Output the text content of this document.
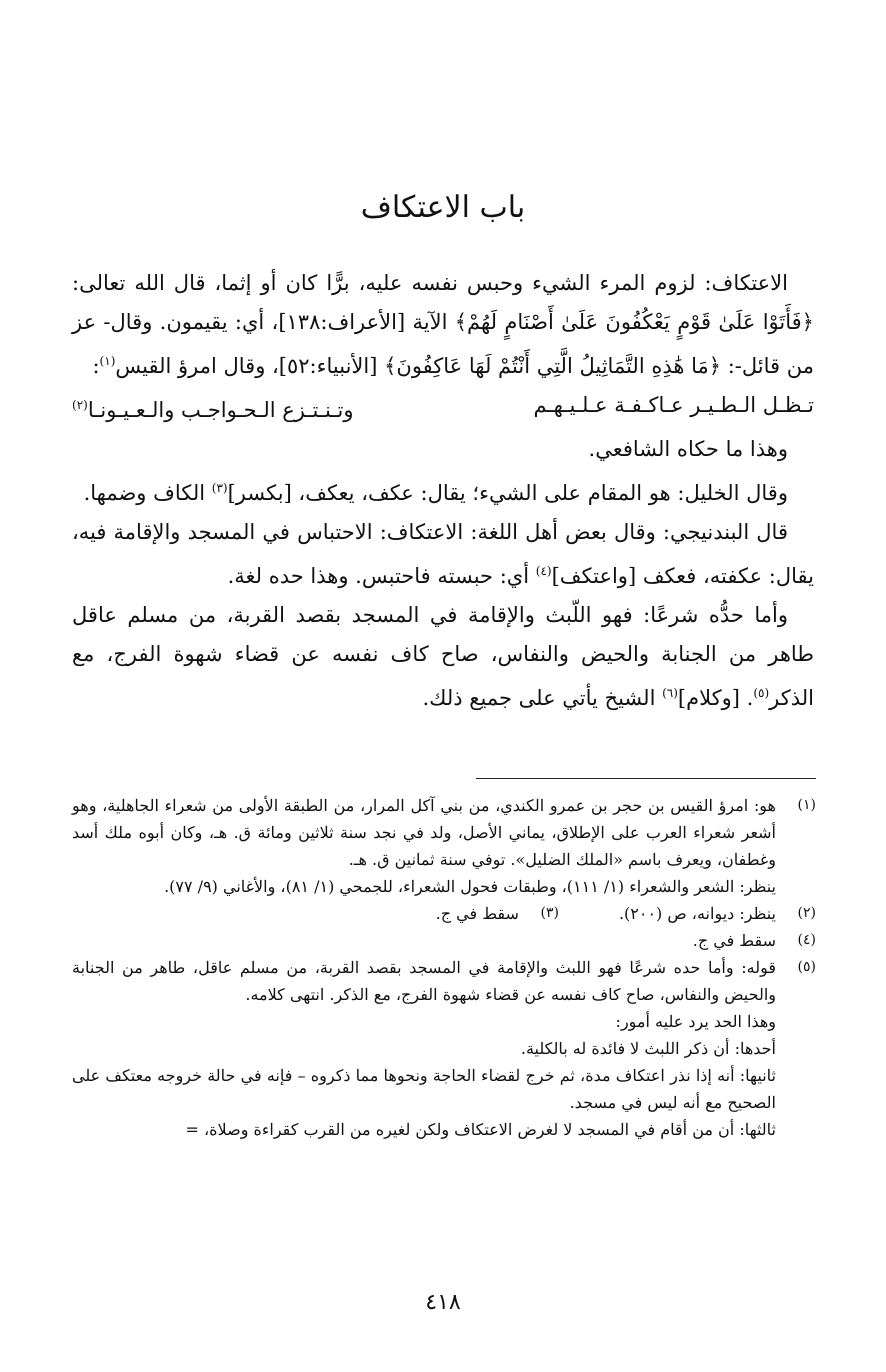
باب الاعتكاف

الاعتكاف: لزوم المرء الشيء وحبس نفسه عليه، برًّا كان أو إثما، قال الله تعالى: ﴿فَأَتَوْا عَلَىٰ قَوْمٍ يَعْكُفُونَ عَلَىٰ أَصْنَامٍ لَهُمْ﴾ الآية [الأعراف:١٣٨]، أي: يقيمون. وقال- عز من قائل-: ﴿مَا هَٰذِهِ التَّمَاثِيلُ الَّتِي أَنْتُمْ لَهَا عَاكِفُونَ﴾ [الأنبياء:٥٢]، وقال امرؤ القيس$^{(١)}$:

تـظـل الـطـيـر عـاكـفـة عـلـيـهـم
وتـنـتـزع الـحـواجـب والـعـيـونـا(٢)

وهذا ما حكاه الشافعي.

وقال الخليل: هو المقام على الشيء؛ يقال: عكف، يعكف، [بكسر]$^{(٣)}$ الكاف وضمها.

قال البندنيجي: وقال بعض أهل اللغة: الاعتكاف: الاحتباس في المسجد والإقامة فيه، يقال: عكفته، فعكف [واعتكف]$^{(٤)}$ أي: حبسته فاحتبس. وهذا حده لغة.

وأما حدُّه شرعًا: فهو اللّبث والإقامة في المسجد بقصد القربة، من مسلم عاقل طاهر من الجنابة والحيض والنفاس، صاح كاف نفسه عن قضاء شهوة الفرج، مع الذكر$^{(٥)}$. [وكلام]$^{(٦)}$ الشيخ يأتي على جميع ذلك.

(١)
هو: امرؤ القيس بن حجر بن عمرو الكندي، من بني آكل المرار، من الطبقة الأولى من شعراء الجاهلية، وهو أشعر شعراء العرب على الإطلاق، يماني الأصل، ولد في نجد سنة ثلاثين ومائة ق. هـ، وكان أبوه ملك أسد وغطفان، ويعرف باسم «الملك الضليل». توفي سنة ثمانين ق. هـ.
ينظر: الشعر والشعراء (١/ ١١١)، وطبقات فحول الشعراء، للجمحي (١/ ٨١)، والأغاني (٩/ ٧٧).
(٢)
ينظر: ديوانه، ص (٢٠٠).
(٣)
سقط في ج.
(٤)
سقط في ج.
(٥)
قوله: وأما حده شرعًا فهو اللبث والإقامة في المسجد بقصد القربة، من مسلم عاقل، طاهر من الجنابة والحيض والنفاس، صاح كاف نفسه عن قضاء شهوة الفرج، مع الذكر. انتهى كلامه.
وهذا الحد يرد عليه أمور:
أحدها: أن ذكر اللبث لا فائدة له بالكلية.
ثانيها: أنه إذا نذر اعتكاف مدة، ثم خرج لقضاء الحاجة ونحوها مما ذكروه – فإنه في حالة خروجه معتكف على الصحيح مع أنه ليس في مسجد.
ثالثها: أن من أقام في المسجد لا لغرض الاعتكاف ولكن لغيره من القرب كقراءة وصلاة، =
٤١٨
